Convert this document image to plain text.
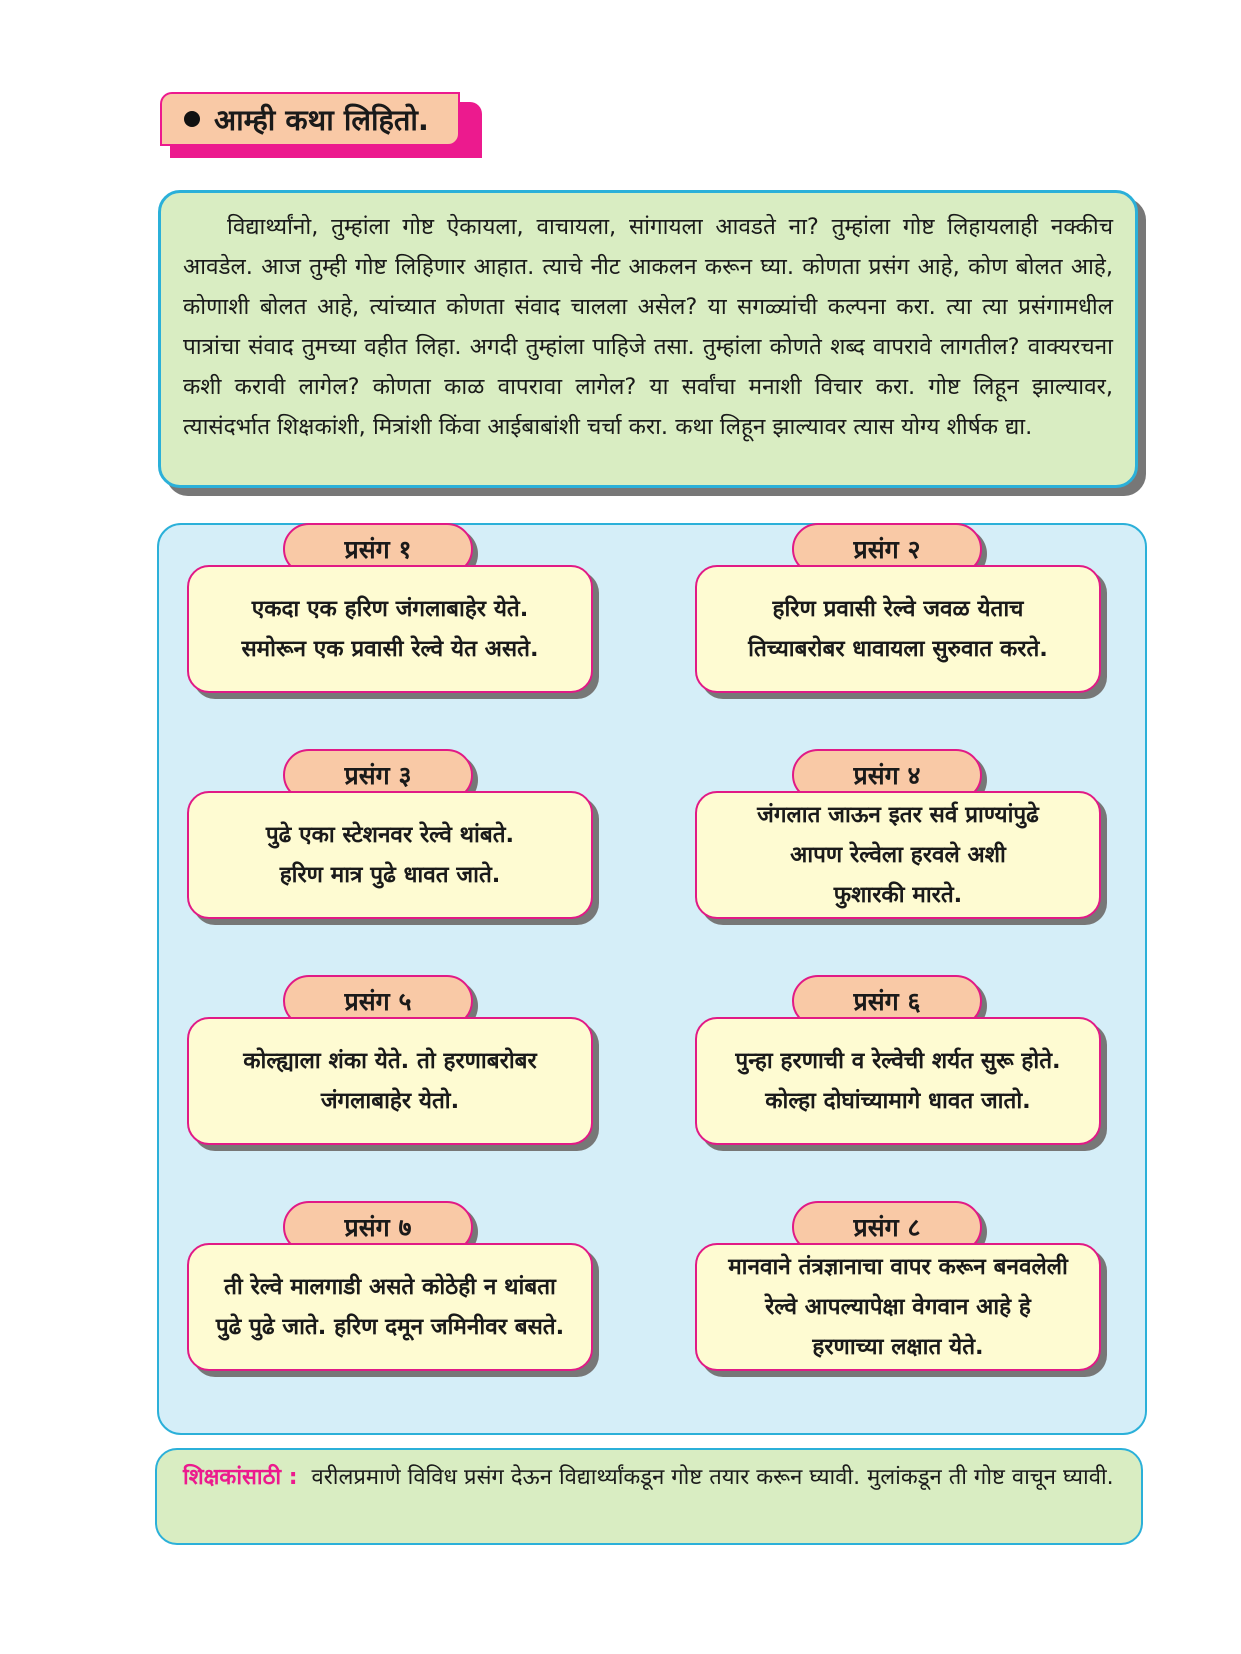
आम्ही कथा लिहितो.
विद्यार्थ्यांनो, तुम्हांला गोष्ट ऐकायला, वाचायला, सांगायला आवडते ना? तुम्हांला गोष्ट लिहायलाही नक्कीच आवडेल. आज तुम्ही गोष्ट लिहिणार आहात. त्याचे नीट आकलन करून घ्या. कोणता प्रसंग आहे, कोण बोलत आहे, कोणाशी बोलत आहे, त्यांच्यात कोणता संवाद चालला असेल? या सगळ्यांची कल्पना करा. त्या त्या प्रसंगामधील पात्रांचा संवाद तुमच्या वहीत लिहा. अगदी तुम्हांला पाहिजे तसा. तुम्हांला कोणते शब्द वापरावे लागतील? वाक्यरचना कशी करावी लागेल? कोणता काळ वापरावा लागेल? या सर्वांचा मनाशी विचार करा. गोष्ट लिहून झाल्यावर, त्यासंदर्भात शिक्षकांशी, मित्रांशी किंवा आईबाबांशी चर्चा करा. कथा लिहून झाल्यावर त्यास योग्य शीर्षक द्या.
प्रसंग १
एकदा एक हरिण जंगलाबाहेर येते.
समोरून एक प्रवासी रेल्वे येत असते.
प्रसंग २
हरिण प्रवासी रेल्वे जवळ येताच
तिच्याबरोबर धावायला सुरुवात करते.
प्रसंग ३
पुढे एका स्टेशनवर रेल्वे थांबते.
हरिण मात्र पुढे धावत जाते.
प्रसंग ४
जंगलात जाऊन इतर सर्व प्राण्यांपुढे
आपण रेल्वेला हरवले अशी
फुशारकी मारते.
प्रसंग ५
कोल्ह्याला शंका येते. तो हरणाबरोबर
जंगलाबाहेर येतो.
प्रसंग ६
पुन्हा हरणाची व रेल्वेची शर्यत सुरू होते.
कोल्हा दोघांच्यामागे धावत जातो.
प्रसंग ७
ती रेल्वे मालगाडी असते कोठेही न थांबता
पुढे पुढे जाते. हरिण दमून जमिनीवर बसते.
प्रसंग ८
मानवाने तंत्रज्ञानाचा वापर करून बनवलेली
रेल्वे आपल्यापेक्षा वेगवान आहे हे
हरणाच्या लक्षात येते.
शिक्षकांसाठी : वरीलप्रमाणे विविध प्रसंग देऊन विद्यार्थ्यांकडून गोष्ट तयार करून घ्यावी. मुलांकडून ती गोष्ट वाचून घ्यावी.
